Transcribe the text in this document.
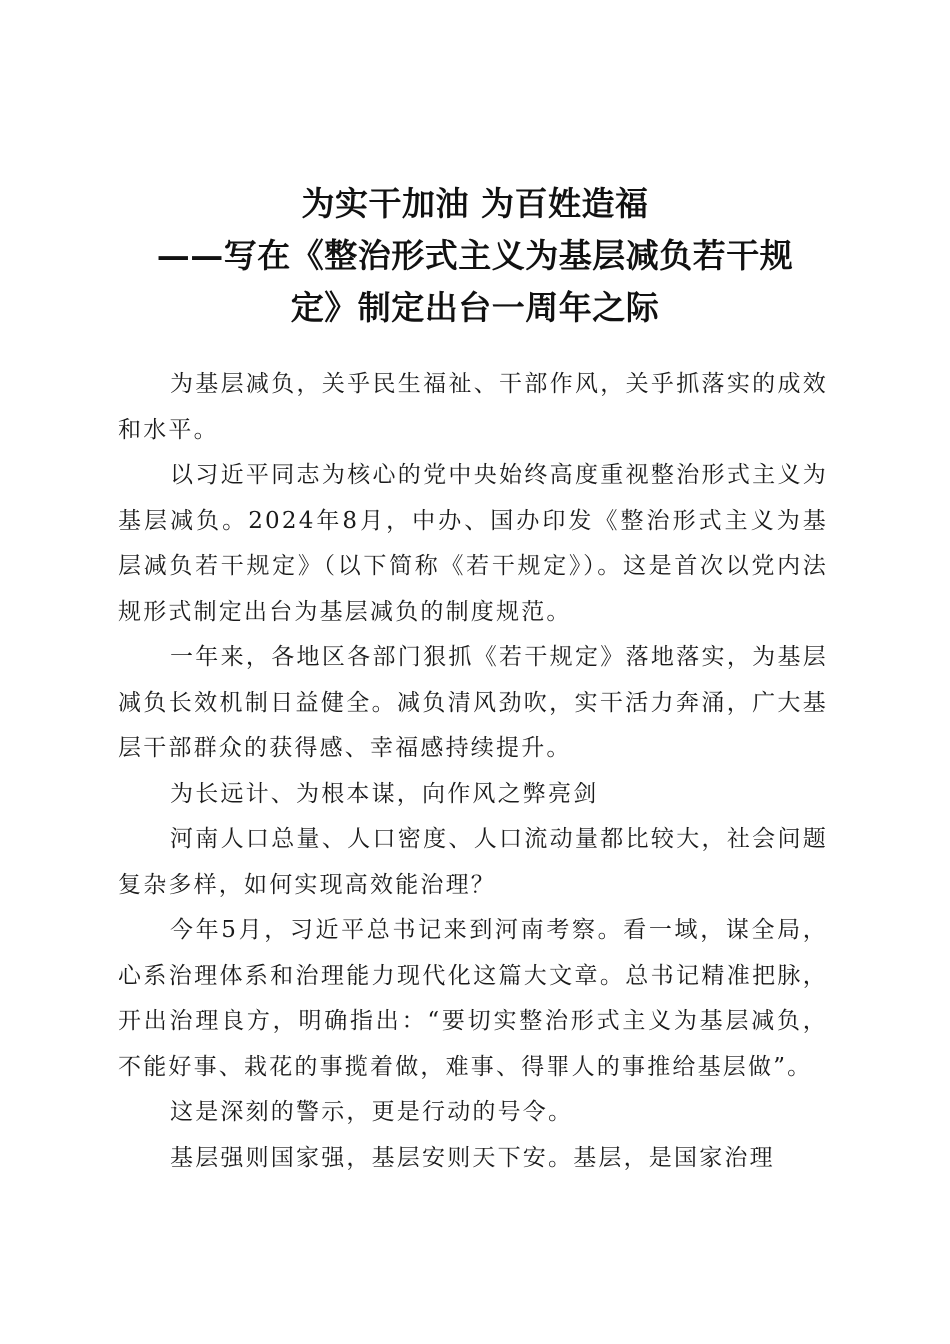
为实干加油 为百姓造福
——写在《整治形式主义为基层减负若干规
定》制定出台一周年之际

为基层减负，关乎民生福祉、干部作风，关乎抓落实的成效和水平。

以习近平同志为核心的党中央始终高度重视整治形式主义为基层减负。2024年8月，中办、国办印发《整治形式主义为基层减负若干规定》（以下简称《若干规定》）。这是首次以党内法规形式制定出台为基层减负的制度规范。

一年来，各地区各部门狠抓《若干规定》落地落实，为基层减负长效机制日益健全。减负清风劲吹，实干活力奔涌，广大基层干部群众的获得感、幸福感持续提升。

为长远计、为根本谋，向作风之弊亮剑

河南人口总量、人口密度、人口流动量都比较大，社会问题复杂多样，如何实现高效能治理？

今年5月，习近平总书记来到河南考察。看一域，谋全局，心系治理体系和治理能力现代化这篇大文章。总书记精准把脉，开出治理良方，明确指出：“要切实整治形式主义为基层减负，不能好事、栽花的事揽着做，难事、得罪人的事推给基层做”。

这是深刻的警示，更是行动的号令。

基层强则国家强，基层安则天下安。基层，是国家治理
